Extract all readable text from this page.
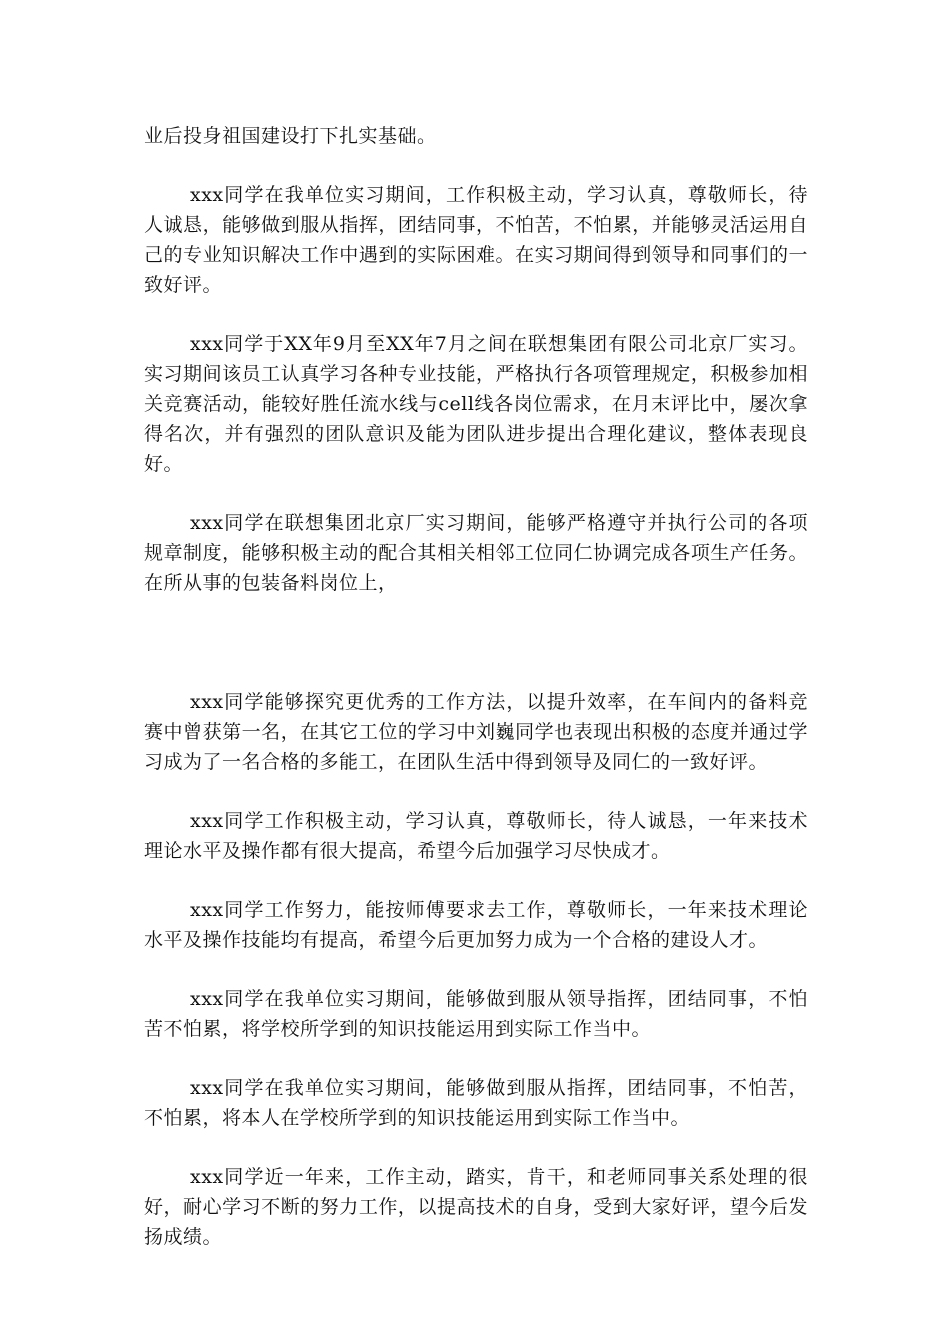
业后投身祖国建设打下扎实基础。

xxx同学在我单位实习期间，工作积极主动，学习认真，尊敬师长，待人诚恳，能够做到服从指挥，团结同事，不怕苦，不怕累，并能够灵活运用自己的专业知识解决工作中遇到的实际困难。在实习期间得到领导和同事们的一致好评。

xxx同学于XX年9月至XX年7月之间在联想集团有限公司北京厂实习。实习期间该员工认真学习各种专业技能，严格执行各项管理规定，积极参加相关竞赛活动，能较好胜任流水线与cell线各岗位需求，在月末评比中，屡次拿得名次，并有强烈的团队意识及能为团队进步提出合理化建议，整体表现良好。

xxx同学在联想集团北京厂实习期间，能够严格遵守并执行公司的各项规章制度，能够积极主动的配合其相关相邻工位同仁协调完成各项生产任务。在所从事的包装备料岗位上，

xxx同学能够探究更优秀的工作方法，以提升效率，在车间内的备料竞赛中曾获第一名，在其它工位的学习中刘巍同学也表现出积极的态度并通过学习成为了一名合格的多能工，在团队生活中得到领导及同仁的一致好评。

xxx同学工作积极主动，学习认真，尊敬师长，待人诚恳，一年来技术理论水平及操作都有很大提高，希望今后加强学习尽快成才。

xxx同学工作努力，能按师傅要求去工作，尊敬师长，一年来技术理论水平及操作技能均有提高，希望今后更加努力成为一个合格的建设人才。

xxx同学在我单位实习期间，能够做到服从领导指挥，团结同事，不怕苦不怕累，将学校所学到的知识技能运用到实际工作当中。

xxx同学在我单位实习期间，能够做到服从指挥，团结同事，不怕苦，不怕累，将本人在学校所学到的知识技能运用到实际工作当中。

xxx同学近一年来，工作主动，踏实，肯干，和老师同事关系处理的很好，耐心学习不断的努力工作，以提高技术的自身，受到大家好评，望今后发扬成绩。
